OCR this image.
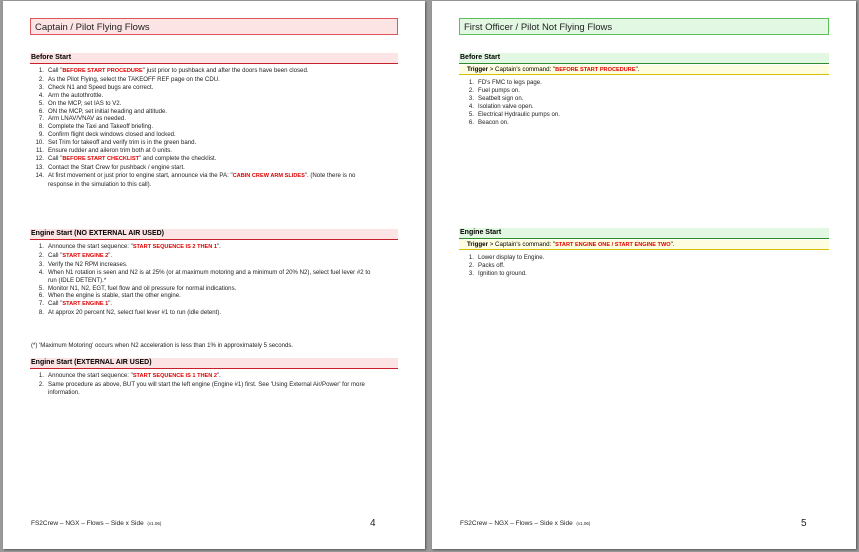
Captain / Pilot Flying Flows
Before Start
1. Call "BEFORE START PROCEDURE" just prior to pushback and after the doors have been closed.
2. As the Pilot Flying, select the TAKEOFF REF page on the CDU.
3. Check N1 and Speed bugs are correct.
4. Arm the autothrottle.
5. On the MCP, set IAS to V2.
6. ON the MCP, set initial heading and altitude.
7. Arm LNAV/VNAV as needed.
8. Complete the Taxi and Takeoff briefing.
9. Confirm flight deck windows closed and locked.
10. Set Trim for takeoff and verify trim is in the green band.
11. Ensure rudder and aileron trim both at 0 units.
12. Call "BEFORE START CHECKLIST" and complete the checklist.
13. Contact the Start Crew for pushback / engine start.
14. At first movement or just prior to engine start, announce via the PA: "CABIN CREW ARM SLIDES". (Note there is no response in the simulation to this call).
Engine Start (NO EXTERNAL AIR USED)
1. Announce the start sequence: "START SEQUENCE IS 2 THEN 1".
2. Call "START ENGINE 2".
3. Verify the N2 RPM increases.
4. When N1 rotation is seen and N2 is at 25% (or at maximum motoring and a minimum of 20% N2), select fuel lever #2 to run (IDLE DETENT).*
5. Monitor N1, N2, EGT, fuel flow and oil pressure for normal indications.
6. When the engine is stable, start the other engine.
7. Call "START ENGINE 1".
8. At approx 20 percent N2, select fuel lever #1 to run (idle detent).
(*) 'Maximum Motoring' occurs when N2 acceleration is less than 1% in approximately 5 seconds.
Engine Start (EXTERNAL AIR USED)
1. Announce the start sequence: "START SEQUENCE IS 1 THEN 2".
2. Same procedure as above, BUT you will start the left engine (Engine #1) first. See 'Using External Air/Power' for more information.
FS2Crew – NGX – Flows – Side x Side (v1.06)	4
First Officer / Pilot Not Flying Flows
Before Start
Trigger > Captain's command: "BEFORE START PROCEDURE".
1. FD's FMC to legs page.
2. Fuel pumps on.
3. Seatbelt sign on.
4. Isolation valve open.
5. Electrical Hydraulic pumps on.
6. Beacon on.
Engine Start
Trigger > Captain's command: "START ENGINE ONE / START ENGINE TWO".
1. Lower display to Engine.
2. Packs off.
3. Ignition to ground.
FS2Crew – NGX – Flows – Side x Side (v1.06)	5
